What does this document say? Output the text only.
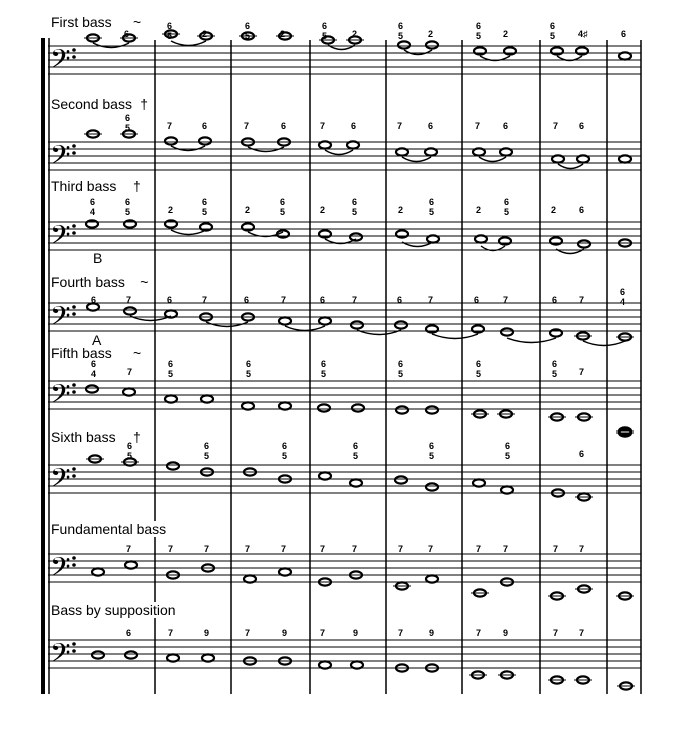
𝄢
𝄢
𝄢
𝄢
𝄢
𝄢
𝄢
𝄢
First bass ~
Second bass †
Third bass †
Fourth bass ~
Fifth bass ~
Sixth bass †
Fundamental bass
Bass by supposition
6
6
5	2
6
5	2
6
5	2
6
5	2
6
5 2
6
5	4♯	6
6
5	7	6	7	6	7	6	7	6	7	6	7 6
6
4
6
5	2
6
5	2
6
5	2
6
5	2
6
5	2
6
5	2	6
6	7	6	7	6	7	6	7	6	7	6	7	6 7
6
4
6
4	7
6
5
6
5
6
5
6
5
6
5
6
5 7
6
5
6
5
6
5
6
5
6
5
6
5	6
7	7	7	7	7	7	7	7	7	7 7	7 7
6	7	9	7	9	7	9	7	9	7 9	7 7
B
A
